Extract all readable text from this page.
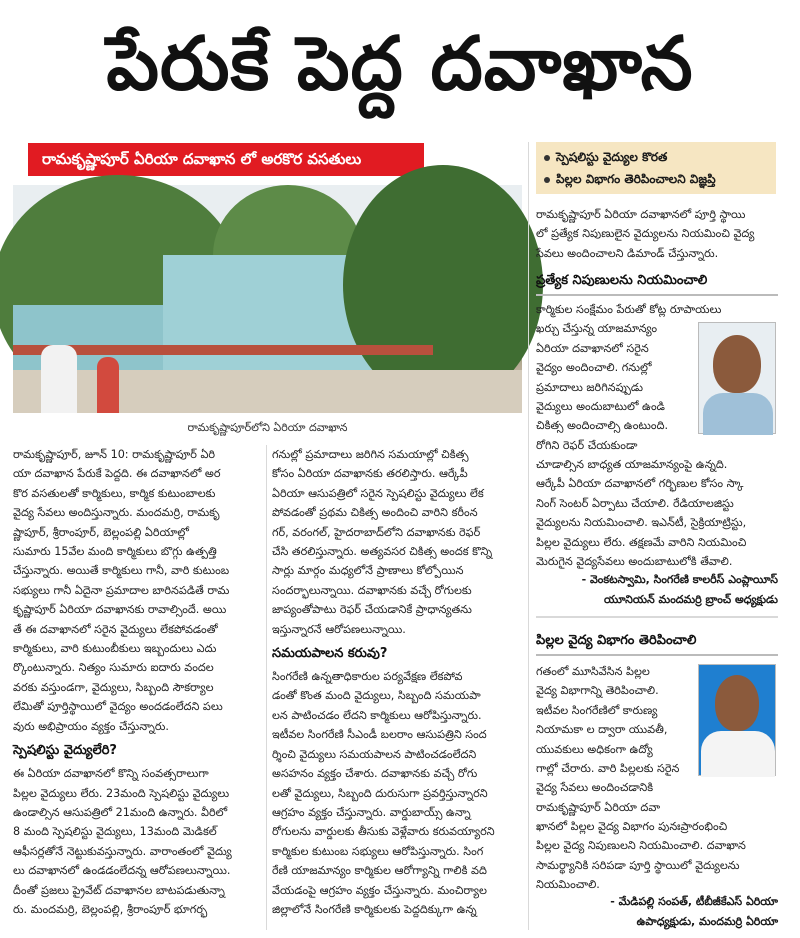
పేరుకే పెద్ద దవాఖాన
రామకృష్ణాపూర్‌ ఏరియా దవాఖాన లో అరకొర వసతులు	స్పెషలిస్టు వైద్యుల కొరత
పిల్లల విభాగం తెరిపించాలని విజ్ఞప్తి
రామకృష్ణాపూర్‌లోని ఏరియా దవాఖాన

రామకృష్ణాపూర్‌, జూన్‌ 10: రామకృష్ణాపూర్‌ ఏరి

యా దవాఖాన పేరుకే పెద్దది. ఈ దవాఖానలో అర

కొర వసతులతో కార్మికులు, కార్మిక కుటుంబాలకు

వైద్య సేవలు అందిస్తున్నారు. మందమర్రి, రామకృ

ష్ణాపూర్‌, శ్రీరాంపూర్‌, బెల్లంపల్లి ఏరియాల్లో

సుమారు 15వేల మంది కార్మికులు బొగ్గు ఉత్పత్తి

చేస్తున్నారు. అయితే కార్మికులు గానీ, వారి కుటుంబ

సభ్యులు గానీ ఏదైనా ప్రమాదాల బారినపడితే రామ

కృష్ణాపూర్‌ ఏరియా దవాఖానకు రావాల్సిందే. అయి

తే ఈ దవాఖానలో సరైన వైద్యులు లేకపోవడంతో

కార్మికులు, వారి కుటుంబీకులు ఇబ్బందులు ఎదు

ర్కొంటున్నారు. నిత్యం సుమారు ఐదారు వందల

వరకు వస్తుండగా, వైద్యులు, సిబ్బంది సౌకర్యాల

లేమితో పూర్తిస్థాయిలో వైద్యం అందడంలేదని పలు

వురు అభిప్రాయం వ్యక్తం చేస్తున్నారు.

స్పెషలిస్టు వైద్యులేరి?

ఈ ఏరియా దవాఖానలో కొన్ని సంవత్సరాలుగా

పిల్లల వైద్యులు లేరు. 23మంది స్పెషలిస్టు వైద్యులు

ఉండాల్సిన ఆసుపత్రిలో 21మంది ఉన్నారు. వీరిలో

8 మంది స్పెషలిస్టు వైద్యులు, 13మంది మెడికల్‌

ఆఫీసర్లతోనే నెట్టుకువస్తున్నారు. వారాంతంలో వైద్యు

లు దవాఖానలో ఉండడంలేదన్న ఆరోపణలున్నాయి.

దీంతో ప్రజలు ప్రైవేట్‌ దవాఖానల బాటపడుతున్నా

రు. మందమర్రి, బెల్లంపల్లి, శ్రీరాంపూర్‌ భూగర్భ

గనుల్లో ప్రమాదాలు జరిగిన సమయాల్లో చికిత్స

కోసం ఏరియా దవాఖానకు తరలిస్తారు. ఆర్కేపీ

ఏరియా ఆసుపత్రిలో సరైన స్పెషలిస్టు వైద్యులు లేక

పోవడంతో ప్రథమ చికిత్స అందించి వారిని కరీంన

గర్‌, వరంగల్‌, హైదరాబాద్‌లోని దవాఖానకు రెఫర్‌

చేసి తరలిస్తున్నారు. అత్యవసర చికిత్స అందక కొన్ని

సార్లు మార్గం మధ్యలోనే ప్రాణాలు కోల్పోయిన

సందర్భాలున్నాయి. దవాఖానకు వచ్చే రోగులకు

జాప్యంతోపాటు రెఫర్‌ చేయడానికే ప్రాధాన్యతను

ఇస్తున్నారనే ఆరోపణలున్నాయి.

సమయపాలన కరువు?

సింగరేణి ఉన్నతాధికారుల పర్యవేక్షణ లేకపోవ

డంతో కొంత మంది వైద్యులు, సిబ్బంది సమయపా

లన పాటించడం లేదని కార్మికులు ఆరోపిస్తున్నారు.

ఇటీవల సింగరేణి సీఎండీ బలరాం ఆసుపత్రిని సంద

ర్శించి వైద్యులు సమయపాలన పాటించడంలేదని

అసహనం వ్యక్తం చేశారు. దవాఖానకు వచ్చే రోగు

లతో వైద్యులు, సిబ్బంది దురుసుగా ప్రవర్తిస్తున్నారని

ఆగ్రహం వ్యక్తం చేస్తున్నారు. వార్డుబాయ్స్‌ ఉన్నా

రోగులను వార్డులకు తీసుకు వెళ్లేవారు కరువయ్యారని

కార్మికుల కుటుంబ సభ్యులు ఆరోపిస్తున్నారు. సింగ

రేణి యాజమాన్యం కార్మికుల ఆరోగ్యాన్ని గాలికి వది

వేయడంపై ఆగ్రహం వ్యక్తం చేస్తున్నారు. మంచిర్యాల

జిల్లాలోనే సింగరేణి కార్మికులకు పెద్దదిక్కుగా ఉన్న

రామకృష్ణాపూర్‌ ఏరియా దవాఖానలో పూర్తి స్థాయి

లో ప్రత్యేక నిపుణులైన వైద్యులను నియమించి వైద్య

సేవలు అందించాలని డిమాండ్‌ చేస్తున్నారు.

ప్రత్యేక నిపుణులను నియమించాలి

కార్మికుల సంక్షేమం పేరుతో కోట్ల రూపాయలు

ఖర్చు చేస్తున్న యాజమాన్యం

ఏరియా దవాఖానలో సరైన

వైద్యం అందించాలి. గనుల్లో

ప్రమాదాలు జరిగినప్పుడు

వైద్యులు అందుబాటులో ఉండి

చికిత్స అందించాల్సి ఉంటుంది.

రోగిని రెఫర్‌ చేయకుండా

చూడాల్సిన బాధ్యత యాజమాన్యంపై ఉన్నది.

ఆర్కేపీ ఏరియా దవాఖానలో గర్భిణుల కోసం స్కా

నింగ్‌ సెంటర్‌ ఏర్పాటు చేయాలి. రేడియాలజిస్టు

వైద్యులను నియమించాలి. ఇఎన్‌టీ, సైక్రియాట్రిస్టు,

పిల్లల వైద్యులు లేరు. తక్షణమే వారిని నియమించి

మెరుగైన వైద్యసేవలు అందుబాటులోకి తేవాలి.

- వెంకటస్వామి, సింగరేణి కాలరీస్‌ ఎంప్లాయీస్‌
యూనియన్‌ మందమర్రి బ్రాంచ్‌ అధ్యక్షుడు
పిల్లల వైద్య విభాగం తెరిపించాలి

గతంలో మూసివేసిన పిల్లల

వైద్య విభాగాన్ని తెరిపించాలి.

ఇటీవల సింగరేణిలో కారుణ్య

నియామకా ల ద్వారా యువతీ,

యువకులు అధికంగా ఉద్యో

గాల్లో చేరారు. వారి పిల్లలకు సరైన

వైద్య సేవలు అందించడానికి

రామకృష్ణాపూర్‌ ఏరియా దవా

ఖానలో పిల్లల వైద్య విభాగం పునఃప్రారంభించి

పిల్లల వైద్య నిపుణులని నియమించాలి. దవాఖాన

సామర్థ్యానికి సరిపడా పూర్తి స్థాయిలో వైద్యులను

నియమించాలి.

- మేడిపల్లి సంపత్‌, టీబీజీకేఎస్‌ ఏరియా
ఉపాధ్యక్షుడు, మందమర్రి ఏరియా
